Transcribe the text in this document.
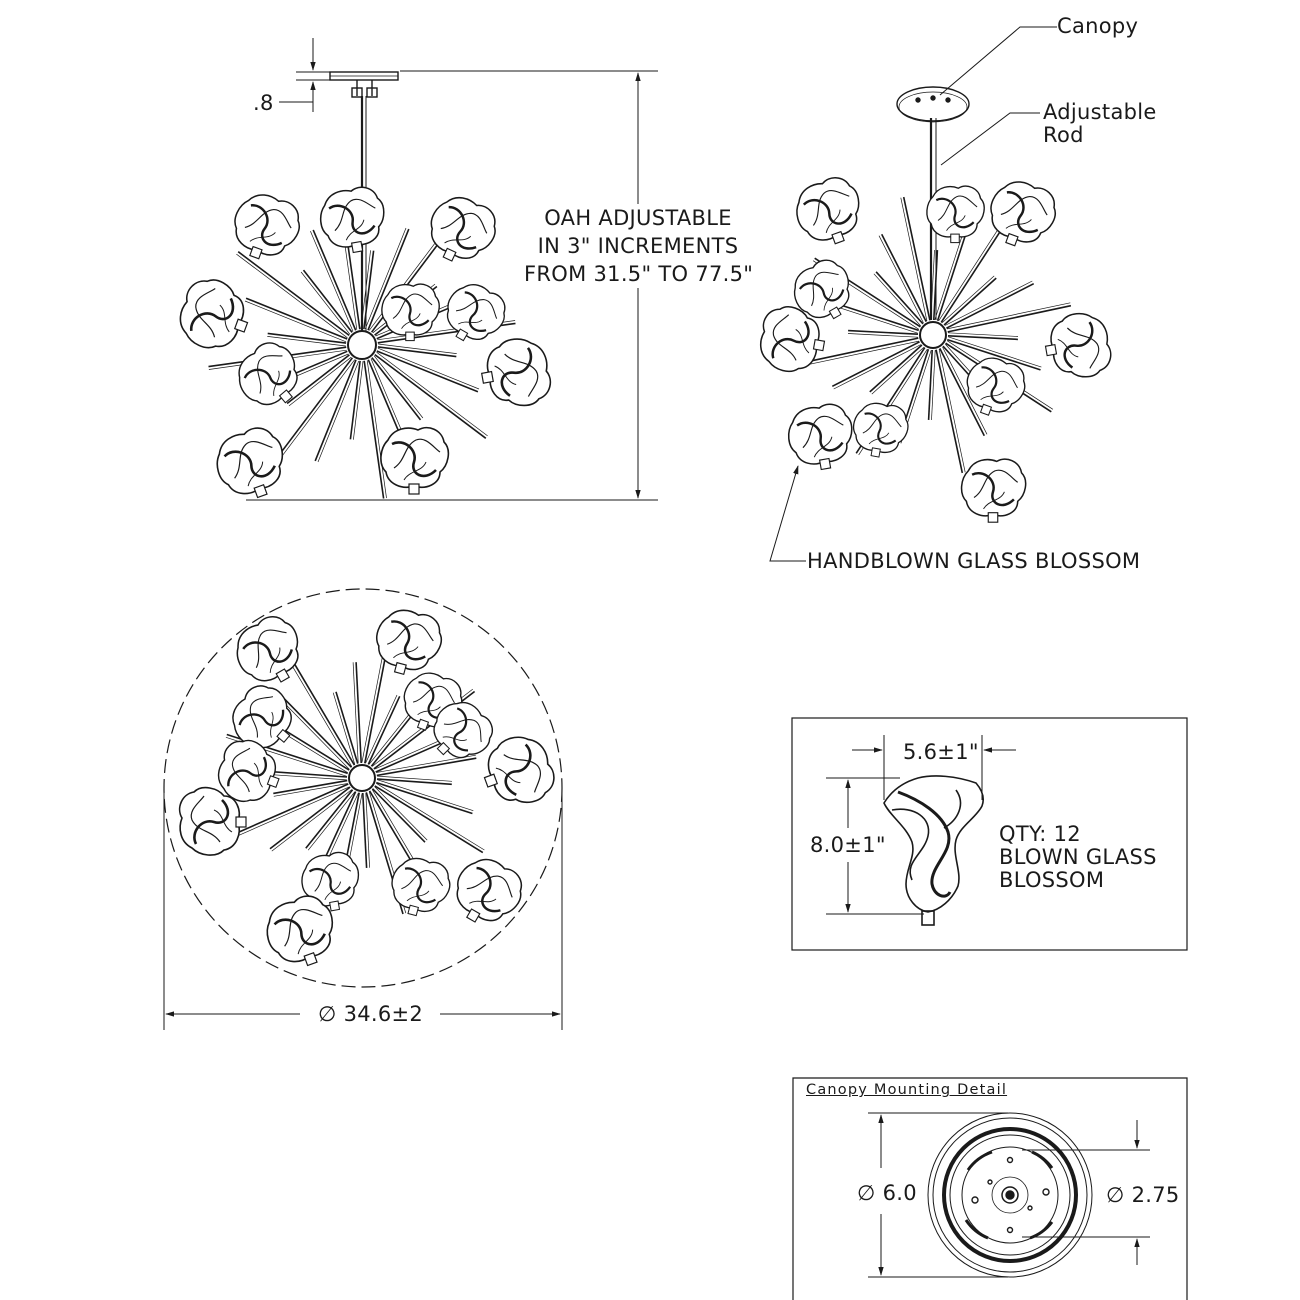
.8
OAH ADJUSTABLE
IN 3" INCREMENTS
FROM 31.5" TO 77.5"
Canopy
Adjustable
Rod
HANDBLOWN GLASS BLOSSOM
∅ 34.6±2
5.6±1"
8.0±1"	QTY: 12
BLOWN GLASS
BLOSSOM
Canopy Mounting Detail
∅ 6.0	∅ 2.75
